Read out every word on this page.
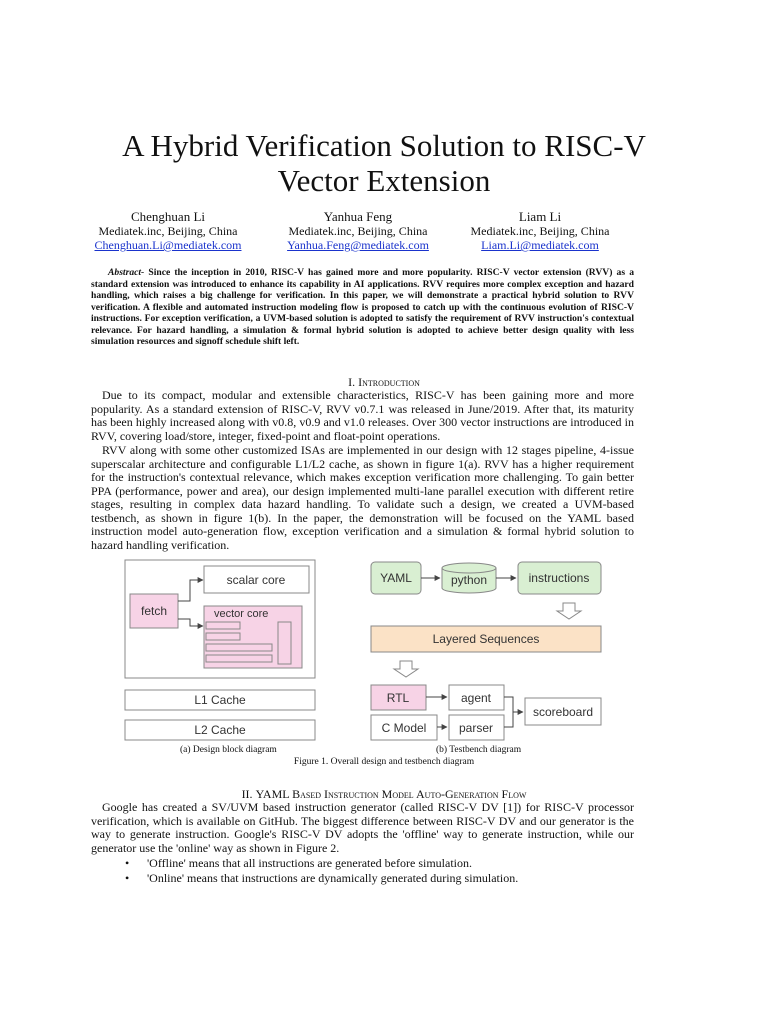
A Hybrid Verification Solution to RISC-V
Vector Extension
Chenghuan Li
Mediatek.inc, Beijing, China
Chenghuan.Li@mediatek.com
Yanhua Feng
Mediatek.inc, Beijing, China
Yanhua.Feng@mediatek.com
Liam Li
Mediatek.inc, Beijing, China
Liam.Li@mediatek.com
Abstract- Since the inception in 2010, RISC-V has gained more and more popularity. RISC-V vector extension (RVV) as a standard extension was introduced to enhance its capability in AI applications. RVV requires more complex exception and hazard handling, which raises a big challenge for verification. In this paper, we will demonstrate a practical hybrid solution to RVV verification. A flexible and automated instruction modeling flow is proposed to catch up with the continuous evolution of RISC-V instructions. For exception verification, a UVM-based solution is adopted to satisfy the requirement of RVV instruction's contextual relevance. For hazard handling, a simulation & formal hybrid solution is adopted to achieve better design quality with less simulation resources and signoff schedule shift left.
I. Introduction

Due to its compact, modular and extensible characteristics, RISC-V has been gaining more and more popularity. As a standard extension of RISC-V, RVV v0.7.1 was released in June/2019. After that, its maturity has been highly increased along with v0.8, v0.9 and v1.0 releases. Over 300 vector instructions are introduced in RVV, covering load/store, integer, fixed-point and float-point operations.

RVV along with some other customized ISAs are implemented in our design with 12 stages pipeline, 4-issue superscalar architecture and configurable L1/L2 cache, as shown in figure 1(a). RVV has a higher requirement for the instruction's contextual relevance, which makes exception verification more challenging. To gain better PPA (performance, power and area), our design implemented multi-lane parallel execution with different retire stages, resulting in complex data hazard handling. To validate such a design, we created a UVM-based testbench, as shown in figure 1(b). In the paper, the demonstration will be focused on the YAML based instruction model auto-generation flow, exception verification and a simulation & formal hybrid solution to hazard handling verification.

scalar core
fetch	vector core
L1 Cache
L2 Cache
YAML	python	instructions
Layered Sequences
RTL
C Model
agent
parser
scoreboard
(a) Design block diagram	(b) Testbench diagram
Figure 1. Overall design and testbench diagram
II. YAML Based Instruction Model Auto-Generation Flow

Google has created a SV/UVM based instruction generator (called RISC-V DV [1]) for RISC-V processor verification, which is available on GitHub. The biggest difference between RISC-V DV and our generator is the way to generate instruction. Google's RISC-V DV adopts the 'offline' way to generate instruction, while our generator use the 'online' way as shown in Figure 2.

• 'Offline' means that all instructions are generated before simulation.
• 'Online' means that instructions are dynamically generated during simulation.
